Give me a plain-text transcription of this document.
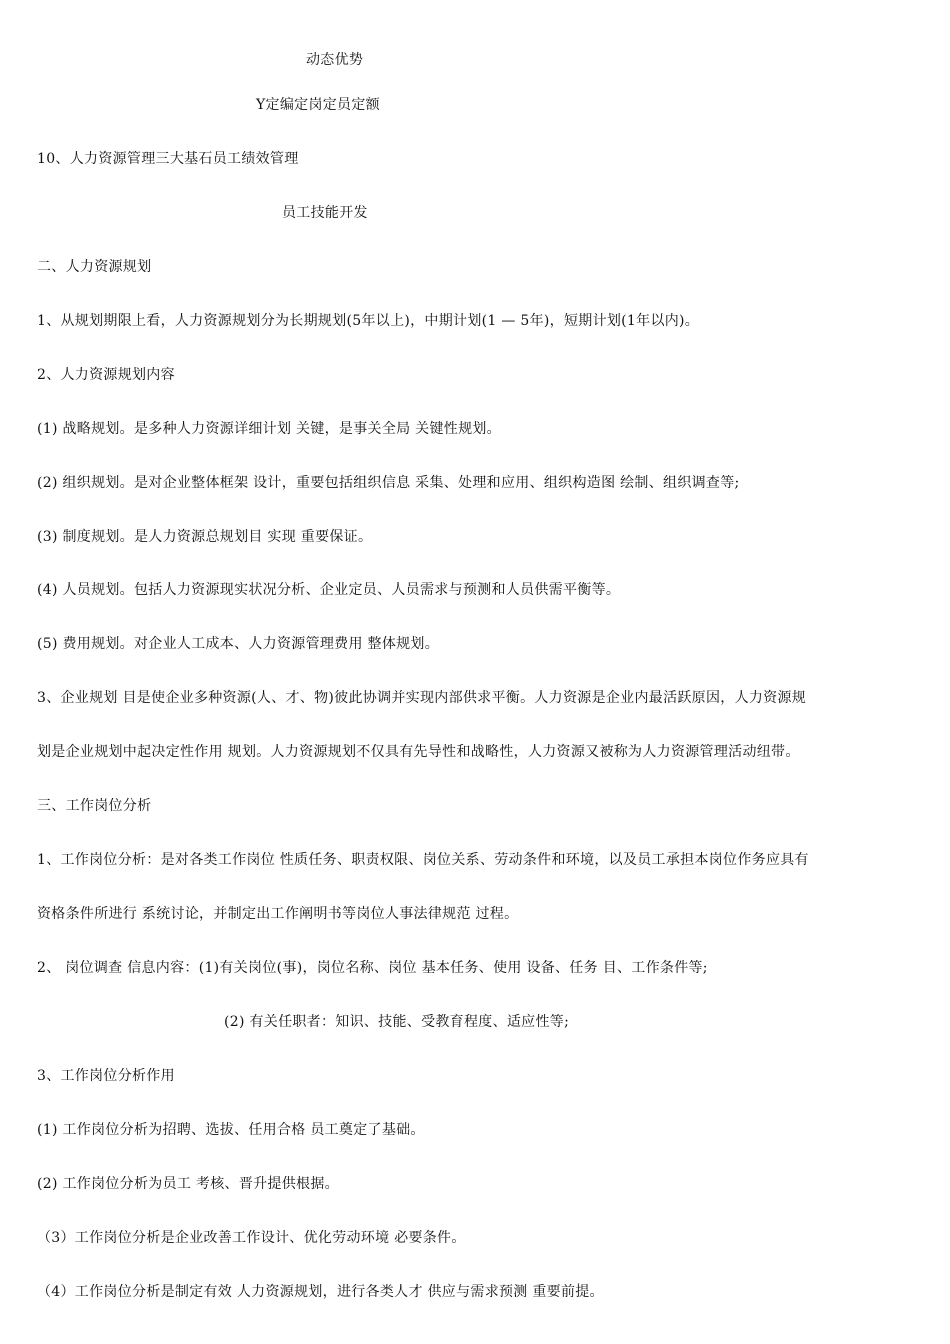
动态优势
Y定编定岗定员定额
10、人力资源管理三大基石员工绩效管理
员工技能开发
二、人力资源规划
1、从规划期限上看，人力资源规划分为长期规划(5年以上)，中期计划(1 — 5年)，短期计划(1年以内)。
2、人力资源规划内容
(1) 战略规划。是多种人力资源详细计划 关键，是事关全局 关键性规划。
(2) 组织规划。是对企业整体框架 设计，重要包括组织信息 采集、处理和应用、组织构造图 绘制、组织调查等;
(3) 制度规划。是人力资源总规划目 实现 重要保证。
(4) 人员规划。包括人力资源现实状况分析、企业定员、人员需求与预测和人员供需平衡等。
(5) 费用规划。对企业人工成本、人力资源管理费用 整体规划。
3、企业规划 目是使企业多种资源(人、才、物)彼此协调并实现内部供求平衡。人力资源是企业内最活跃原因，人力资源规
划是企业规划中起决定性作用 规划。人力资源规划不仅具有先导性和战略性，人力资源又被称为人力资源管理活动纽带。
三、工作岗位分析
1、工作岗位分析：是对各类工作岗位 性质任务、职责权限、岗位关系、劳动条件和环境，以及员工承担本岗位作务应具有
资格条件所进行 系统讨论，并制定出工作阐明书等岗位人事法律规范 过程。
2、 岗位调查 信息内容：(1)有关岗位(事)，岗位名称、岗位 基本任务、使用 设备、任务 目、工作条件等;
(2) 有关任职者：知识、技能、受教育程度、适应性等;
3、工作岗位分析作用
(1) 工作岗位分析为招聘、选拔、任用合格 员工奠定了基础。
(2) 工作岗位分析为员工 考核、晋升提供根据。
（3）工作岗位分析是企业改善工作设计、优化劳动环境 必要条件。
（4）工作岗位分析是制定有效 人力资源规划，进行各类人才 供应与需求预测 重要前提。
